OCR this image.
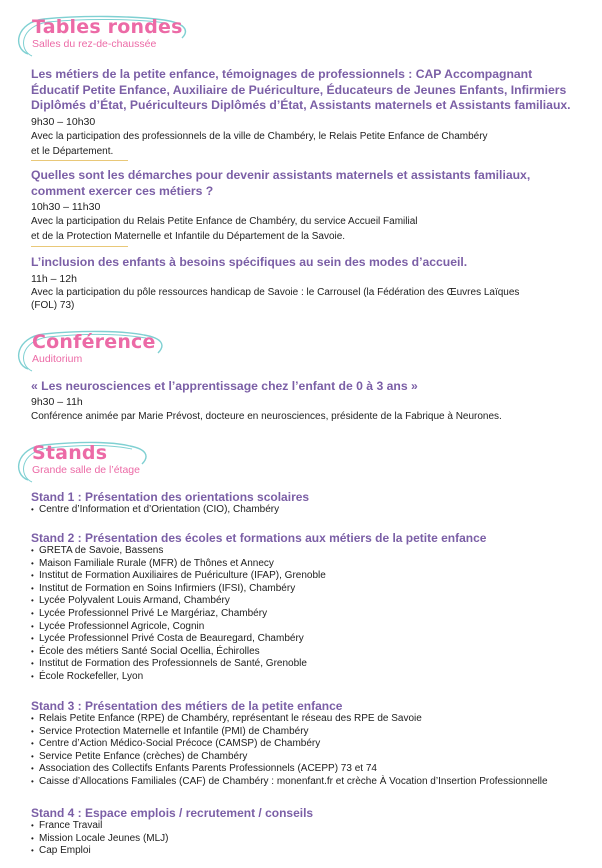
Tables rondes
Salles du rez-de-chaussée
Les métiers de la petite enfance, témoignages de professionnels : CAP Accompagnant Éducatif Petite Enfance, Auxiliaire de Puériculture, Éducateurs de Jeunes Enfants, Infirmiers Diplômés d’État, Puériculteurs Diplômés d’État, Assistants maternels et Assistants familiaux.
9h30 – 10h30
Avec la participation des professionnels de la ville de Chambéry, le Relais Petite Enfance de Chambéry
et le Département.
Quelles sont les démarches pour devenir assistants maternels et assistants familiaux, comment exercer ces métiers ?
10h30 – 11h30
Avec la participation du Relais Petite Enfance de Chambéry, du service Accueil Familial
et de la Protection Maternelle et Infantile du Département de la Savoie.
L’inclusion des enfants à besoins spécifiques au sein des modes d’accueil.
11h – 12h
Avec la participation du pôle ressources handicap de Savoie : le Carrousel (la Fédération des Œuvres Laïques
(FOL) 73)
Conférence
Auditorium
« Les neurosciences et l’apprentissage chez l’enfant de 0 à 3 ans »
9h30 – 11h
Conférence animée par Marie Prévost, docteure en neurosciences, présidente de la Fabrique à Neurones.
Stands
Grande salle de l’étage
Stand 1 : Présentation des orientations scolaires
• Centre d’Information et d’Orientation (CIO), Chambéry
Stand 2 : Présentation des écoles et formations aux métiers de la petite enfance
• GRETA de Savoie, Bassens
• Maison Familiale Rurale (MFR) de Thônes et Annecy
• Institut de Formation Auxiliaires de Puériculture (IFAP), Grenoble
• Institut de Formation en Soins Infirmiers (IFSI), Chambéry
• Lycée Polyvalent Louis Armand, Chambéry
• Lycée Professionnel Privé Le Margériaz, Chambéry
• Lycée Professionnel Agricole, Cognin
• Lycée Professionnel Privé Costa de Beauregard, Chambéry
• École des métiers Santé Social Ocellia, Échirolles
• Institut de Formation des Professionnels de Santé, Grenoble
• École Rockefeller, Lyon
Stand 3 : Présentation des métiers de la petite enfance
• Relais Petite Enfance (RPE) de Chambéry, représentant le réseau des RPE de Savoie
• Service Protection Maternelle et Infantile (PMI) de Chambéry
• Centre d’Action Médico-Social Précoce (CAMSP) de Chambéry
• Service Petite Enfance (crèches) de Chambéry
• Association des Collectifs Enfants Parents Professionnels (ACEPP) 73 et 74
• Caisse d’Allocations Familiales (CAF) de Chambéry : monenfant.fr et crèche À Vocation d’Insertion Professionnelle
Stand 4 : Espace emplois / recrutement / conseils
• France Travail
• Mission Locale Jeunes (MLJ)
• Cap Emploi
